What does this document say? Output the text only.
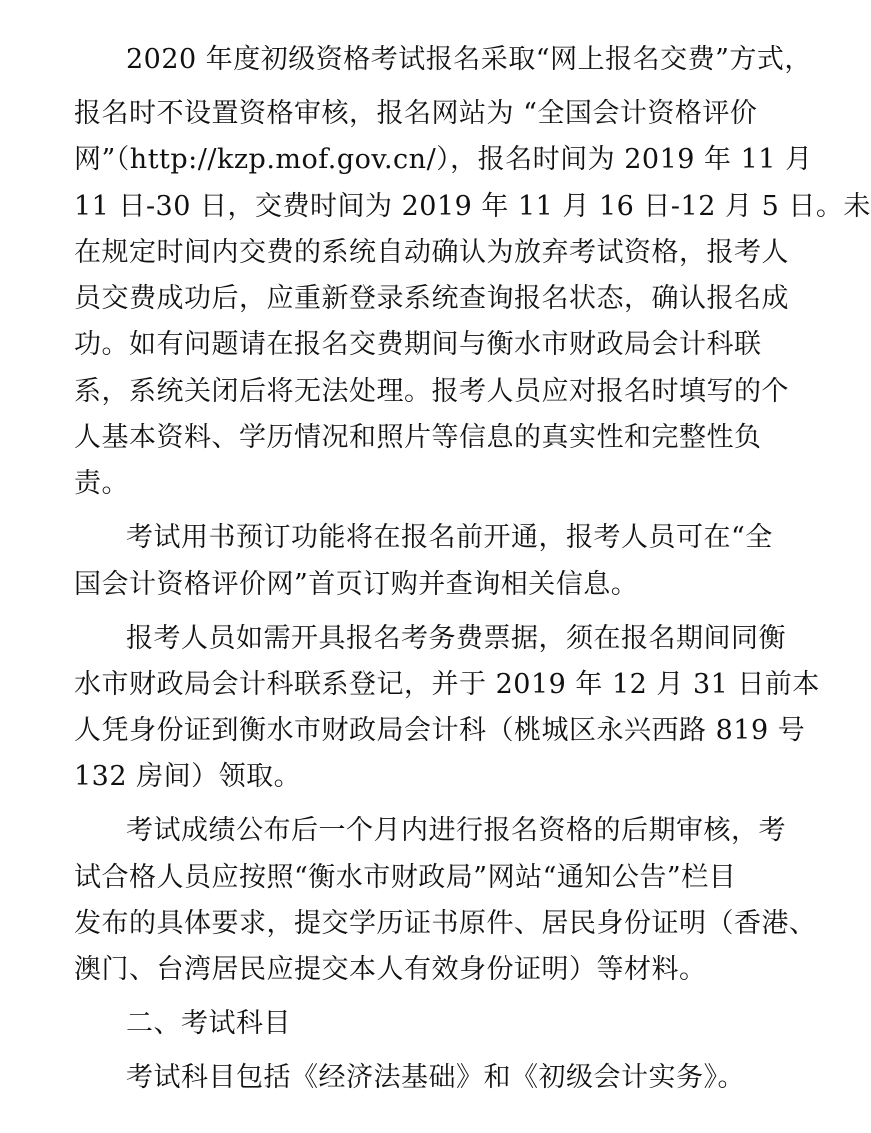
2020 年度初级资格考试报名采取“网上报名交费”方式，
报名时不设置资格审核，报名网站为 “全国会计资格评价
网”（http://kzp.mof.gov.cn/），报名时间为 2019 年 11 月
11 日-30 日，交费时间为 2019 年 11 月 16 日-12 月 5 日。未
在规定时间内交费的系统自动确认为放弃考试资格，报考人
员交费成功后，应重新登录系统查询报名状态，确认报名成
功。如有问题请在报名交费期间与衡水市财政局会计科联
系，系统关闭后将无法处理。报考人员应对报名时填写的个
人基本资料、学历情况和照片等信息的真实性和完整性负
责。
考试用书预订功能将在报名前开通，报考人员可在“全
国会计资格评价网”首页订购并查询相关信息。
报考人员如需开具报名考务费票据，须在报名期间同衡
水市财政局会计科联系登记，并于 2019 年 12 月 31 日前本
人凭身份证到衡水市财政局会计科（桃城区永兴西路 819 号
132 房间）领取。
考试成绩公布后一个月内进行报名资格的后期审核，考
试合格人员应按照“衡水市财政局”网站“通知公告”栏目
发布的具体要求，提交学历证书原件、居民身份证明（香港、
澳门、台湾居民应提交本人有效身份证明）等材料。
二、考试科目
考试科目包括《经济法基础》和《初级会计实务》。
